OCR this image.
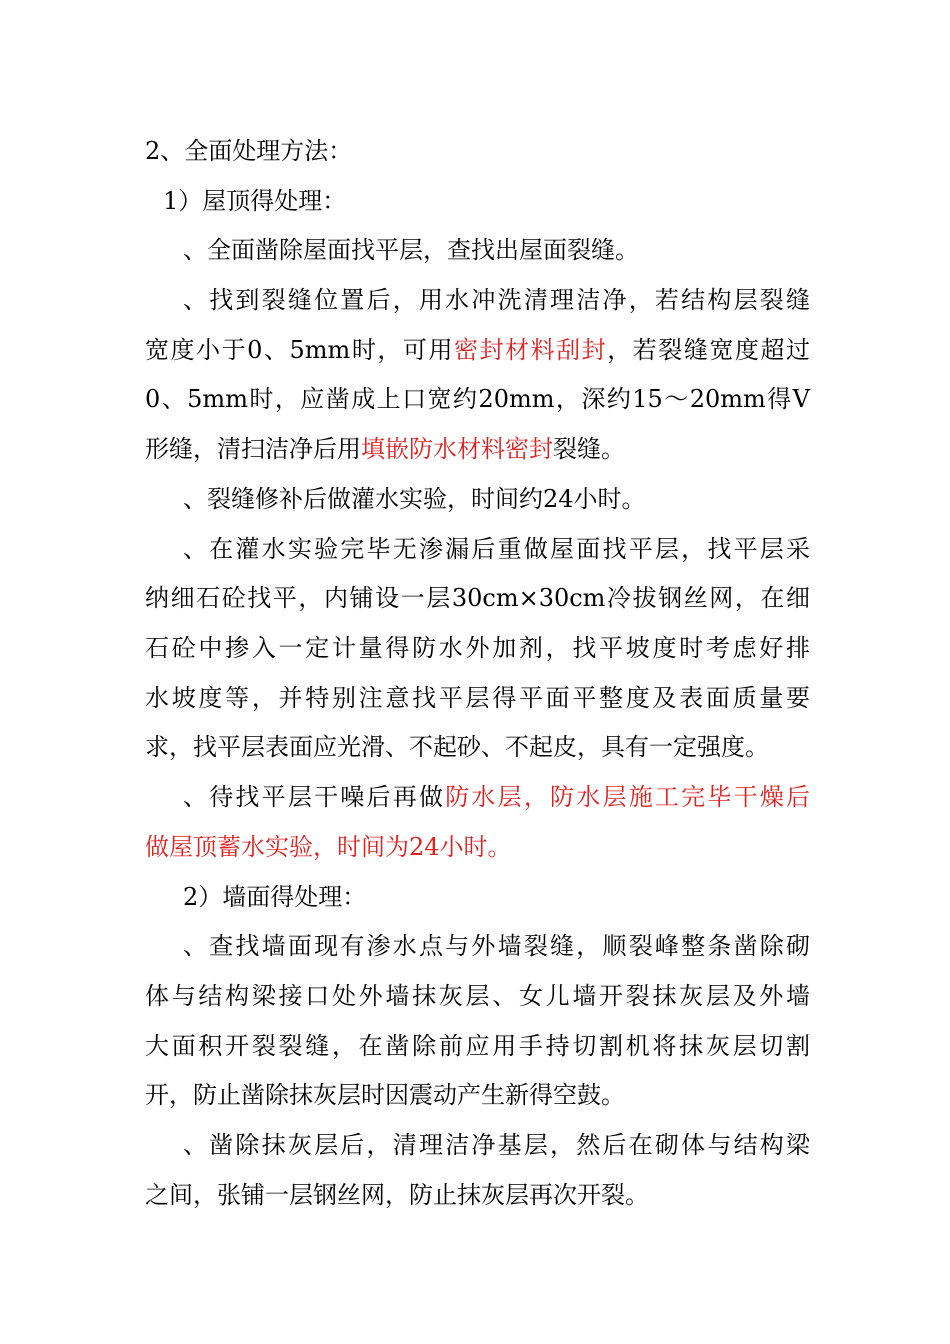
2、全面处理方法：
1）屋顶得处理：
、全面凿除屋面找平层，查找出屋面裂缝。
、找到裂缝位置后，用水冲洗清理洁净，若结构层裂缝
宽度小于0、5mm时，可用密封材料刮封，若裂缝宽度超过
0、5mm时，应凿成上口宽约20mm，深约15～20mm得V
形缝，清扫洁净后用填嵌防水材料密封裂缝。
、裂缝修补后做灌水实验，时间约24小时。
、在灌水实验完毕无渗漏后重做屋面找平层，找平层采
纳细石砼找平，内铺设一层30cm×30cm冷拔钢丝网，在细
石砼中掺入一定计量得防水外加剂，找平坡度时考虑好排
水坡度等，并特别注意找平层得平面平整度及表面质量要
求，找平层表面应光滑、不起砂、不起皮，具有一定强度。
、待找平层干噪后再做防水层，防水层施工完毕干燥后
做屋顶蓄水实验，时间为24小时。
2）墙面得处理：
、查找墙面现有渗水点与外墙裂缝，顺裂峰整条凿除砌
体与结构梁接口处外墙抹灰层、女儿墙开裂抹灰层及外墙
大面积开裂裂缝，在凿除前应用手持切割机将抹灰层切割
开，防止凿除抹灰层时因震动产生新得空鼓。
、凿除抹灰层后，清理洁净基层，然后在砌体与结构梁
之间，张铺一层钢丝网，防止抹灰层再次开裂。
